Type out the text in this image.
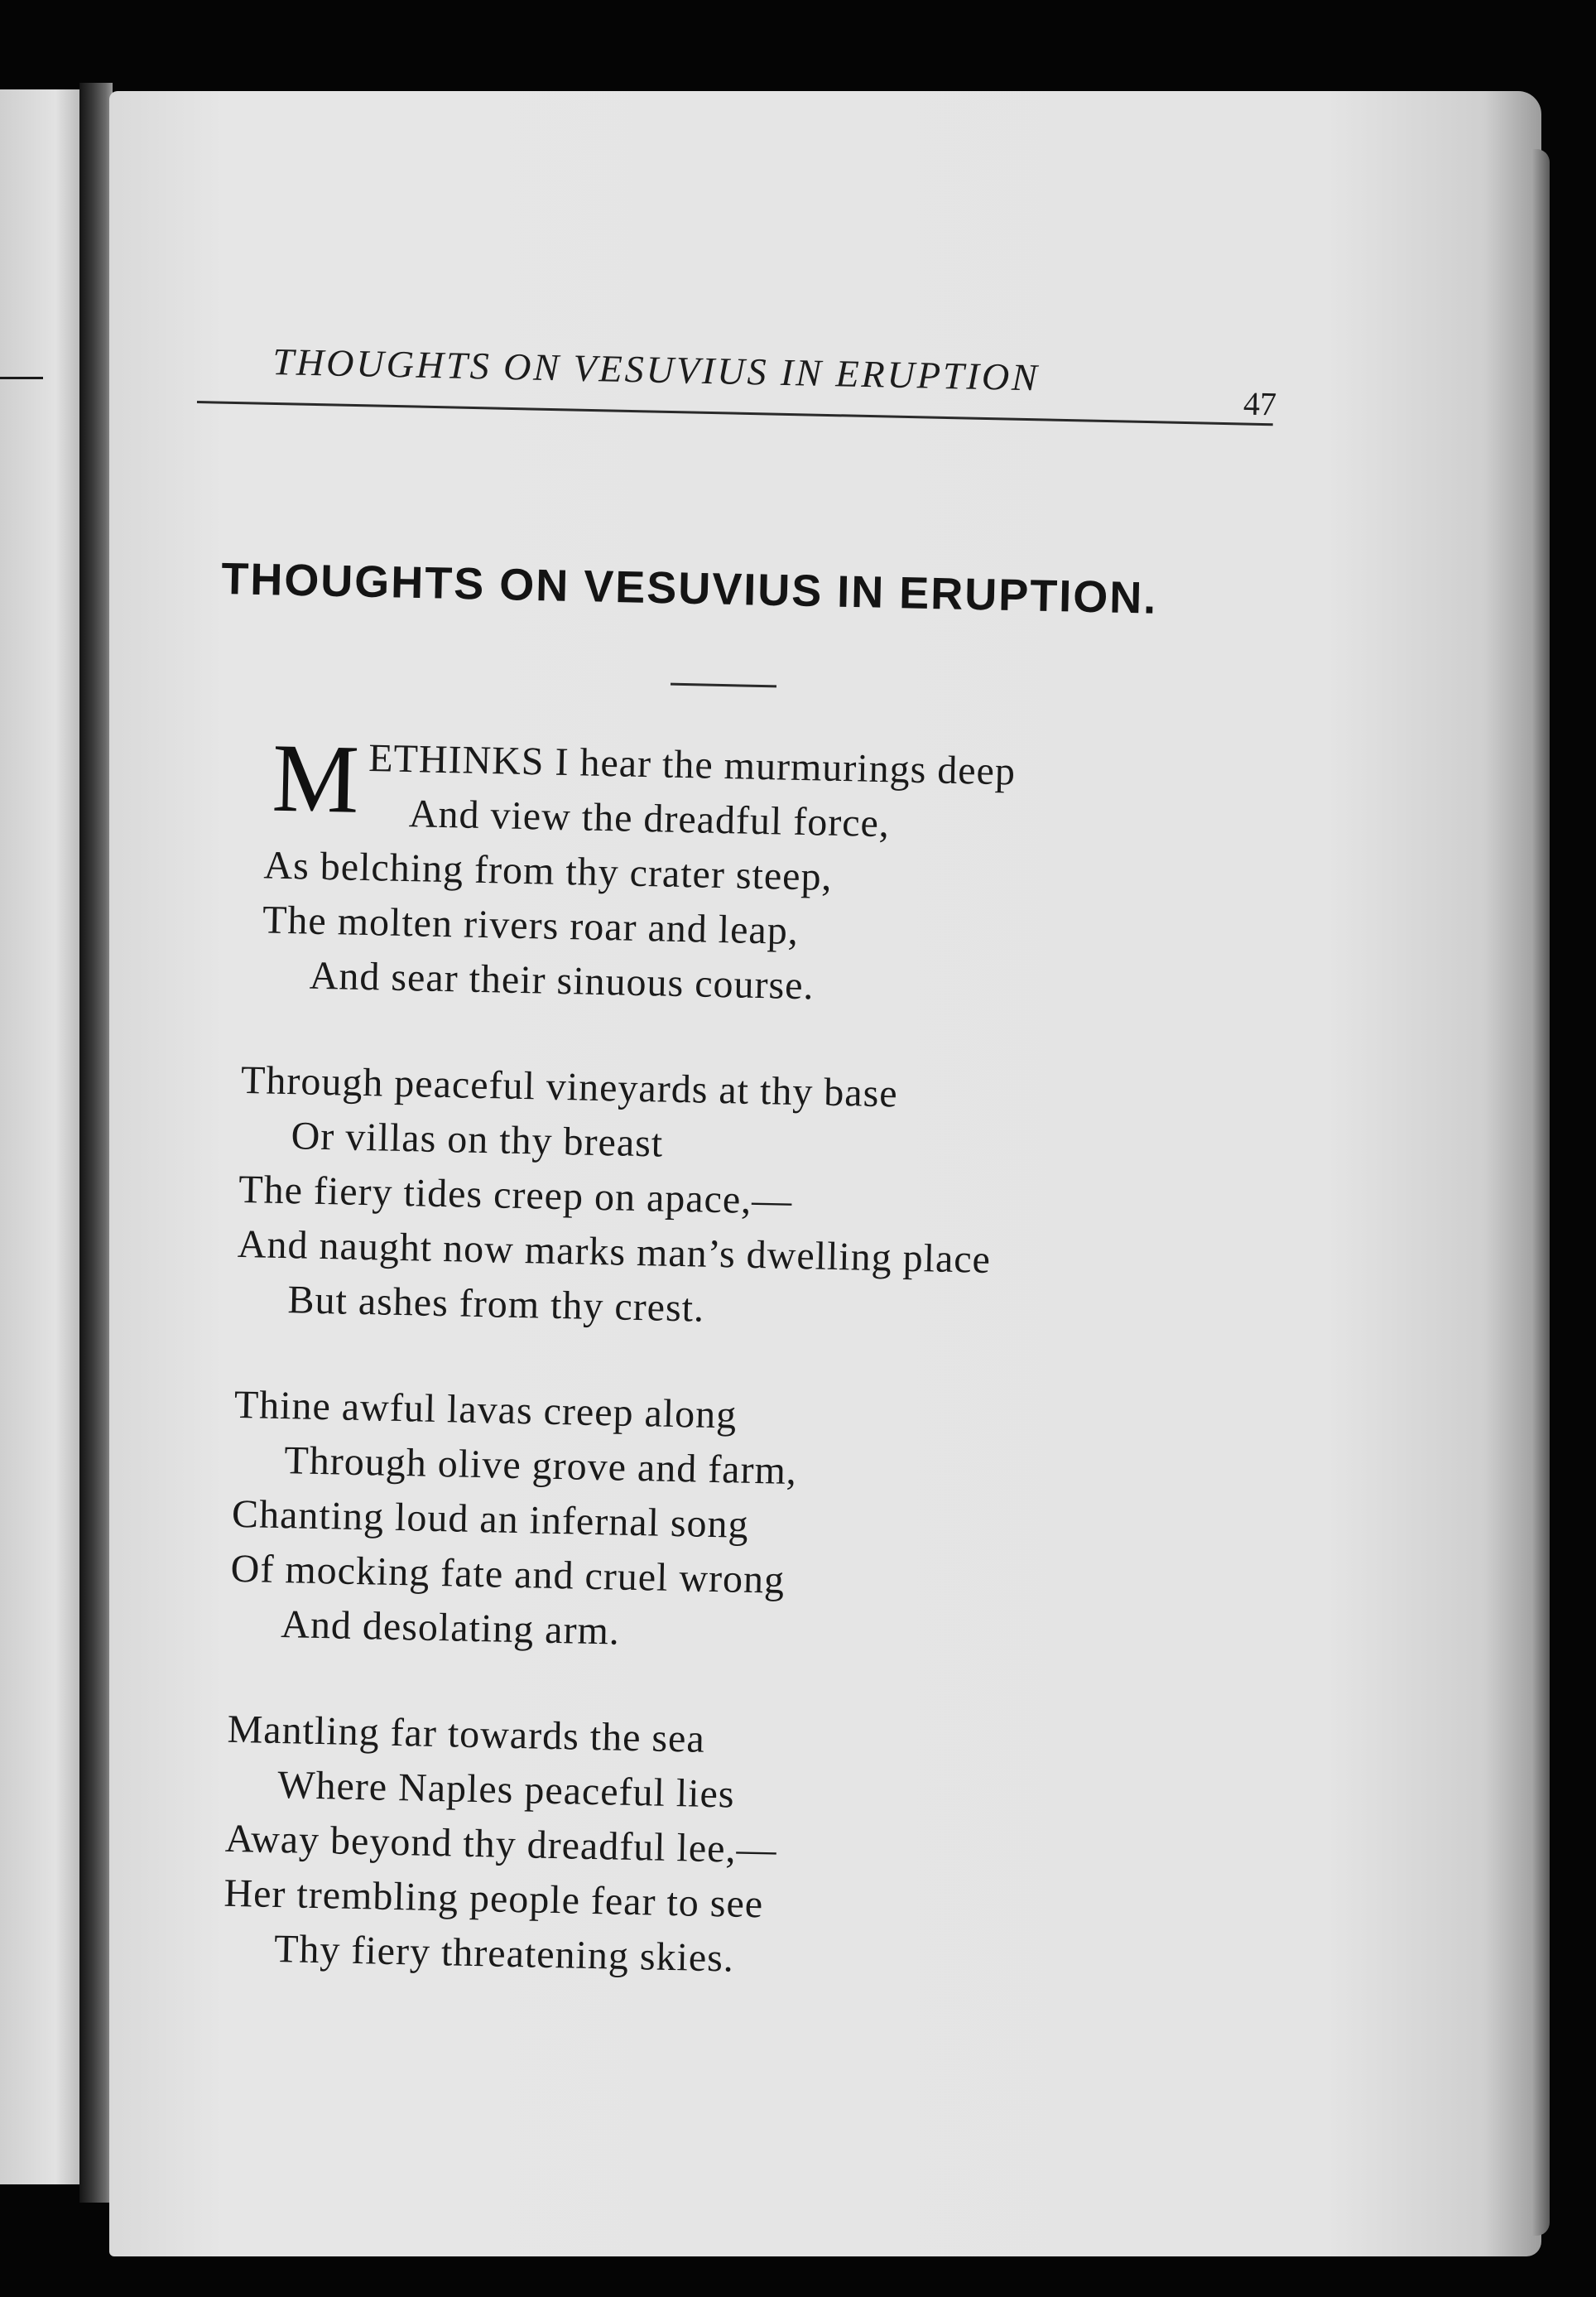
THOUGHTS ON VESUVIUS IN ERUPTION
47
THOUGHTS ON VESUVIUS IN ERUPTION.
M ETHINKS I hear the murmurings deep
And view the dreadful force,
As belching from thy crater steep,
The molten rivers roar and leap,
And sear their sinuous course.
Through peaceful vineyards at thy base
Or villas on thy breast
The fiery tides creep on apace,—
And naught now marks man’s dwelling place
But ashes from thy crest.
Thine awful lavas creep along
Through olive grove and farm,
Chanting loud an infernal song
Of mocking fate and cruel wrong
And desolating arm.
Mantling far towards the sea
Where Naples peaceful lies
Away beyond thy dreadful lee,—
Her trembling people fear to see
Thy fiery threatening skies.
